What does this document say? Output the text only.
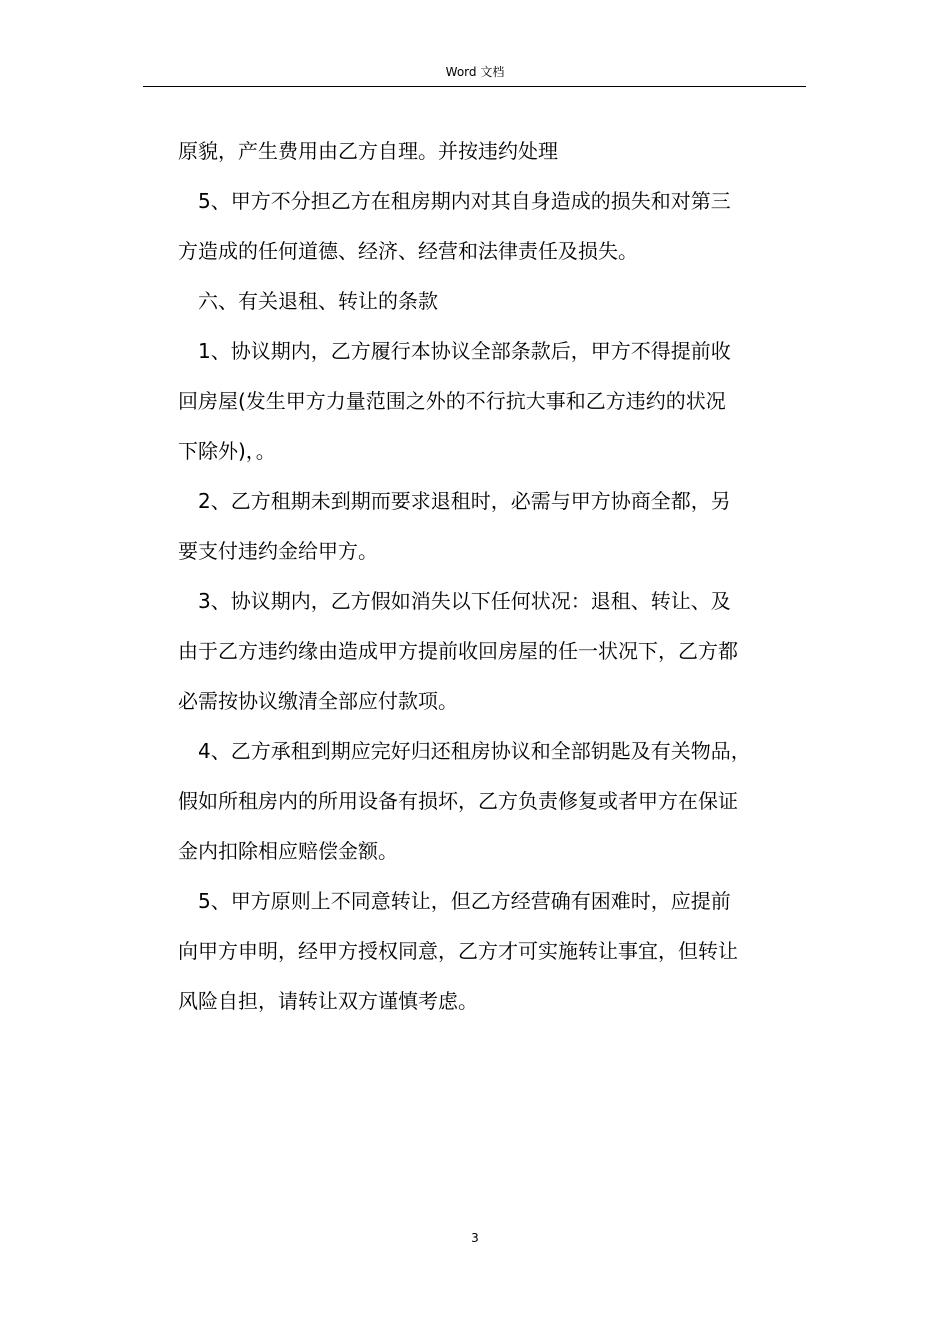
Word 文档
原貌，产生费用由乙方自理。并按违约处理
5、甲方不分担乙方在租房期内对其自身造成的损失和对第三
方造成的任何道德、经济、经营和法律责任及损失。
六、有关退租、转让的条款
1、协议期内，乙方履行本协议全部条款后，甲方不得提前收
回房屋(发生甲方力量范围之外的不行抗大事和乙方违约的状况
下除外)，。
2、乙方租期未到期而要求退租时，必需与甲方协商全都，另
要支付违约金给甲方。
3、协议期内，乙方假如消失以下任何状况：退租、转让、及
由于乙方违约缘由造成甲方提前收回房屋的任一状况下，乙方都
必需按协议缴清全部应付款项。
4、乙方承租到期应完好归还租房协议和全部钥匙及有关物品，
假如所租房内的所用设备有损坏，乙方负责修复或者甲方在保证
金内扣除相应赔偿金额。
5、甲方原则上不同意转让，但乙方经营确有困难时，应提前
向甲方申明，经甲方授权同意，乙方才可实施转让事宜，但转让
风险自担，请转让双方谨慎考虑。
3
